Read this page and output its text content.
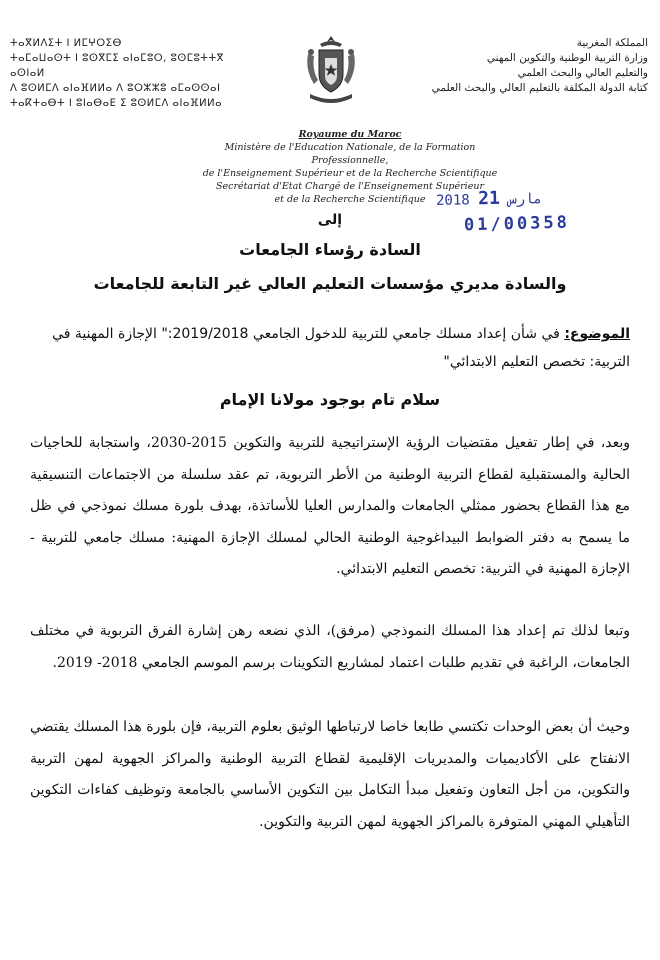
المملكة المغربية
وزارة التربية الوطنية والتكوين المهني
والتعليم العالي والبحث العلمي
كتابة الدولة المكلفة بالتعليم العالي والبحث العلمي
ⵜⴰⴳⵍⴷⵉⵜ ⵏ ⵍⵎⵖⵔⵉⴱ
ⵜⴰⵎⴰⵡⴰⵙⵜ ⵏ ⵓⵙⴳⵎⵉ ⴰⵏⴰⵎⵓⵔ, ⵓⵙⵎⵓⵜⵜⴳ ⴰⵙⵏⴰⵍ
ⴷ ⵓⵙⵍⵎⴷ ⴰⵏⴰⴼⵍⵍⴰ ⴷ ⵓⵔⵣⵣⵓ ⴰⵎⴰⵙⵙⴰⵏ
ⵜⴰⴽⵜⴰⴱⵜ ⵏ ⵓⵏⴰⴱⴰⴹ ⵉ ⵓⵙⵍⵎⴷ ⴰⵏⴰⴼⵍⵍⴰ
Royaume du Maroc
Ministère de l'Education Nationale, de la Formation Professionnelle,
de l'Enseignement Supérieur et de la Recherche Scientifique
Secrétariat d'Etat Chargé de l'Enseignement Supérieur
et de la Recherche Scientifique 2018	مارس 21
01/00358
إلى
السادة رؤساء الجامعات
والسادة مديري مؤسسات التعليم العالي غير التابعة للجامعات
الموضوع: في شأن إعداد مسلك جامعي للتربية للدخول الجامعي 2019/2018:" الإجازة المهنية في التربية: تخصص التعليم الابتدائي"
سلام تام بوجود مولانا الإمام
وبعد، في إطار تفعيل مقتضيات الرؤية الإستراتيجية للتربية والتكوين 2015-2030، واستجابة للحاجيات الحالية والمستقبلية لقطاع التربية الوطنية من الأطر التربوية، تم عقد سلسلة من الاجتماعات التنسيقية مع هذا القطاع بحضور ممثلي الجامعات والمدارس العليا للأساتذة، بهدف بلورة مسلك نموذجي في ظل ما يسمح به دفتر الضوابط البيداغوجية الوطنية الحالي لمسلك الإجازة المهنية: مسلك جامعي للتربية - الإجازة المهنية في التربية: تخصص التعليم الابتدائي.
وتبعا لذلك تم إعداد هذا المسلك النموذجي (مرفق)، الذي نضعه رهن إشارة الفرق التربوية في مختلف الجامعات، الراغبة في تقديم طلبات اعتماد لمشاريع التكوينات برسم الموسم الجامعي 2018- 2019.
وحيث أن بعض الوحدات تكتسي طابعا خاصا لارتباطها الوثيق بعلوم التربية، فإن بلورة هذا المسلك يقتضي الانفتاح على الأكاديميات والمديريات الإقليمية لقطاع التربية الوطنية والمراكز الجهوية لمهن التربية والتكوين، من أجل التعاون وتفعيل مبدأ التكامل بين التكوين الأساسي بالجامعة وتوظيف كفاءات التكوين التأهيلي المهني المتوفرة بالمراكز الجهوية لمهن التربية والتكوين.
